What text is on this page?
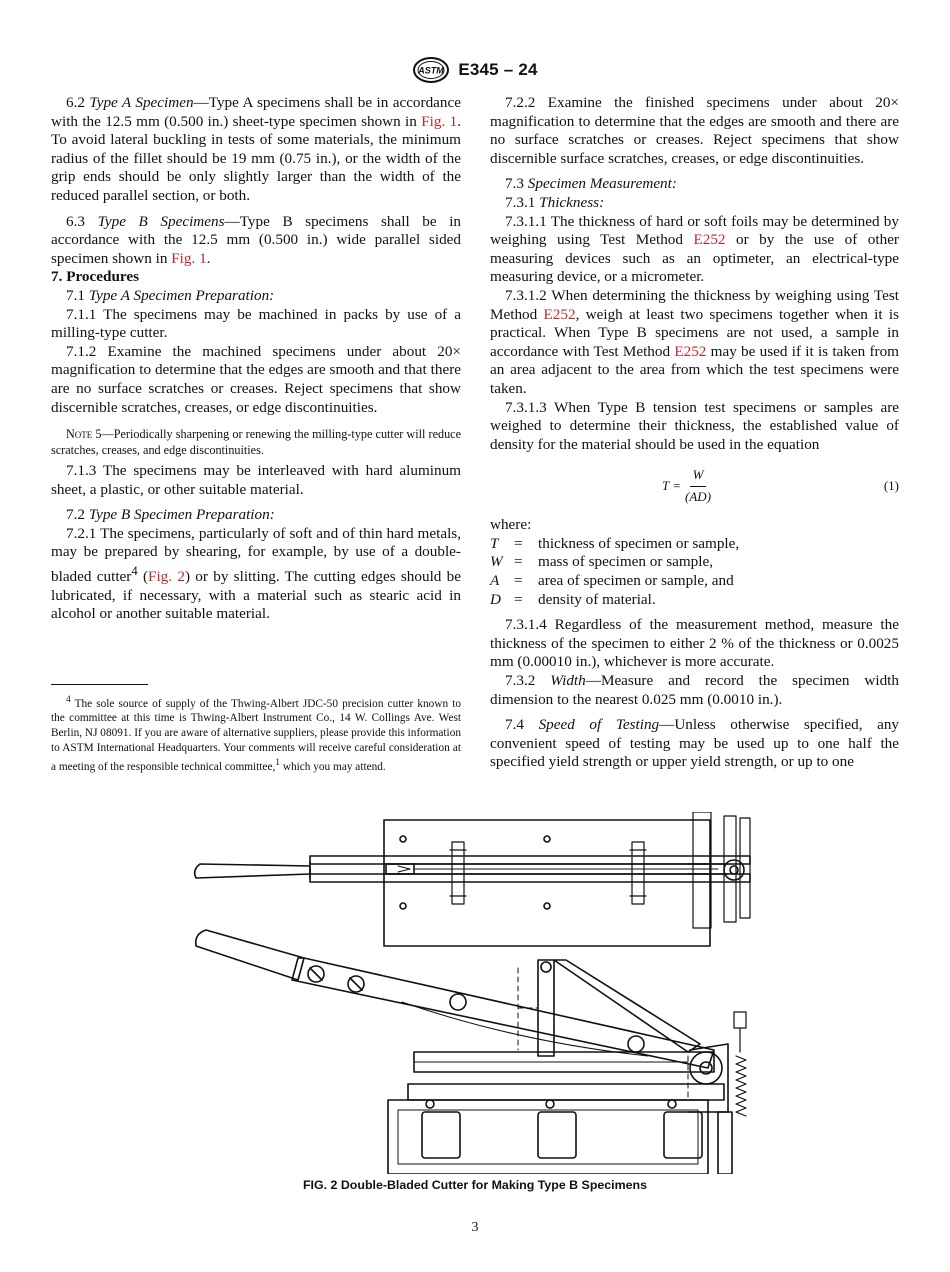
ASTM E345 – 24

6.2 Type A Specimen—Type A specimens shall be in accordance with the 12.5 mm (0.500 in.) sheet-type specimen shown in Fig. 1. To avoid lateral buckling in tests of some materials, the minimum radius of the fillet should be 19 mm (0.75 in.), or the width of the grip ends should be only slightly larger than the width of the reduced parallel section, or both.

6.3 Type B Specimens—Type B specimens shall be in accordance with the 12.5 mm (0.500 in.) wide parallel sided specimen shown in Fig. 1.

7. Procedures

7.1 Type A Specimen Preparation:

7.1.1 The specimens may be machined in packs by use of a milling-type cutter.

7.1.2 Examine the machined specimens under about 20× magnification to determine that the edges are smooth and that there are no surface scratches or creases. Reject specimens that show discernible scratches, creases, or edge discontinuities.

Note 5—Periodically sharpening or renewing the milling-type cutter will reduce scratches, creases, and edge discontinuities.

7.1.3 The specimens may be interleaved with hard aluminum sheet, a plastic, or other suitable material.

7.2 Type B Specimen Preparation:

7.2.1 The specimens, particularly of soft and of thin hard metals, may be prepared by shearing, for example, by use of a double-bladed cutter$^4$ (Fig. 2) or by slitting. The cutting edges should be lubricated, if necessary, with a material such as stearic acid in alcohol or another suitable material.

$^4$ The sole source of supply of the Thwing-Albert JDC-50 precision cutter known to the committee at this time is Thwing-Albert Instrument Co., 14 W. Collings Ave. West Berlin, NJ 08091. If you are aware of alternative suppliers, please provide this information to ASTM International Headquarters. Your comments will receive careful consideration at a meeting of the responsible technical committee,$^1$ which you may attend.

7.2.2 Examine the finished specimens under about 20× magnification to determine that the edges are smooth and there are no surface scratches or creases. Reject specimens that show discernible surface scratches, creases, or edge discontinuities.

7.3 Specimen Measurement:

7.3.1 Thickness:

7.3.1.1 The thickness of hard or soft foils may be determined by weighing using Test Method E252 or by the use of other measuring devices such as an optimeter, an electrical-type measuring device, or a micrometer.

7.3.1.2 When determining the thickness by weighing using Test Method E252, weigh at least two specimens together when it is practical. When Type B specimens are not used, a sample in accordance with Test Method E252 may be used if it is taken from an area adjacent to the area from which the test specimens were taken.

7.3.1.3 When Type B tension test specimens or samples are weighed to determine their thickness, the established value of density for the material should be used in the equation

$T = \frac{W}{(AD)}$	(1)

where:

T	=	thickness of specimen or sample,
W =	mass of specimen or sample,
A =	area of specimen or sample, and
D =	density of material.

7.3.1.4 Regardless of the measurement method, measure the thickness of the specimen to either 2 % of the thickness or 0.0025 mm (0.00010 in.), whichever is more accurate.

7.3.2 Width—Measure and record the specimen width dimension to the nearest 0.025 mm (0.0010 in.).

7.4 Speed of Testing—Unless otherwise specified, any convenient speed of testing may be used up to one half the specified yield strength or upper yield strength, or up to one

FIG. 2 Double-Bladed Cutter for Making Type B Specimens
3
